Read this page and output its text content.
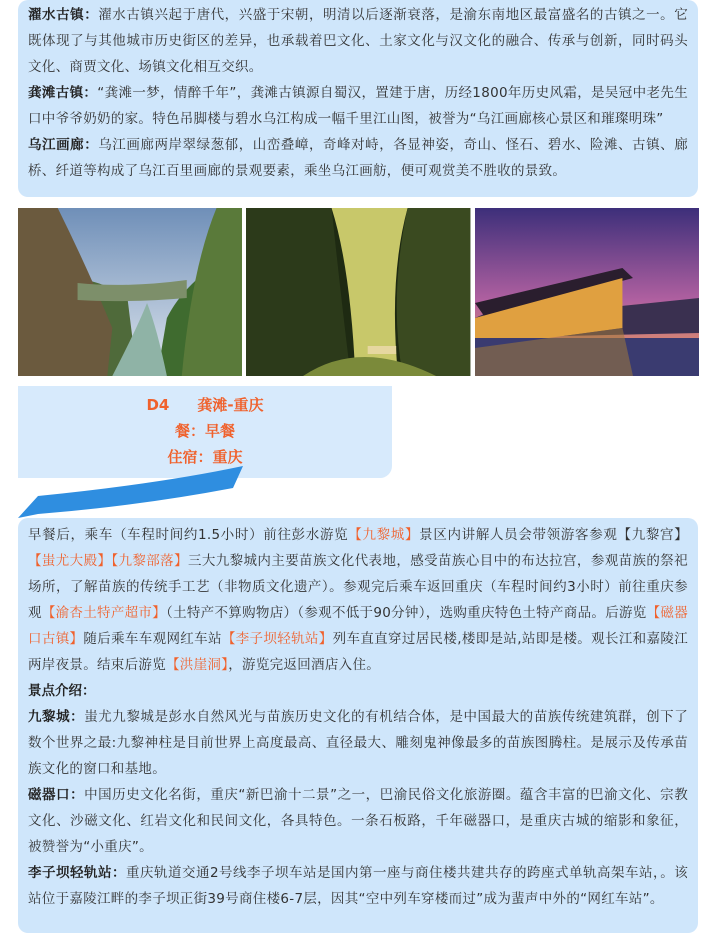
濯水古镇：濯水古镇兴起于唐代，兴盛于宋朝，明清以后逐渐衰落，是渝东南地区最富盛名的古镇之一。它既体现了与其他城市历史街区的差异，也承载着巴文化、土家文化与汉文化的融合、传承与创新，同时码头文化、商贾文化、场镇文化相互交织。

龚滩古镇：“龚滩一梦，情醉千年”，龚滩古镇源自蜀汉，置建于唐，历经1800年历史风霜，是吴冠中老先生口中爷爷奶奶的家。特色吊脚楼与碧水乌江构成一幅千里江山图，被誉为“乌江画廊核心景区和璀璨明珠”

乌江画廊：乌江画廊两岸翠绿葱郁，山峦叠嶂，奇峰对峙，各显神姿，奇山、怪石、碧水、险滩、古镇、廊桥、纤道等构成了乌江百里画廊的景观要素，乘坐乌江画舫，便可观赏美不胜收的景致。

D4 龚滩-重庆
餐：早餐
住宿：重庆

早餐后，乘车（车程时间约1.5小时）前往彭水游览【九黎城】景区内讲解人员会带领游客参观【九黎宫】【蚩尤大殿】【九黎部落】三大九黎城内主要苗族文化代表地，感受苗族心目中的布达拉宫，参观苗族的祭祀场所，了解苗族的传统手工艺（非物质文化遗产）。参观完后乘车返回重庆（车程时间约3小时）前往重庆参观【渝杏土特产超市】（土特产不算购物店）（参观不低于90分钟），选购重庆特色土特产商品。后游览【磁器口古镇】随后乘车车观网红车站【李子坝轻轨站】列车直直穿过居民楼,楼即是站,站即是楼。观长江和嘉陵江两岸夜景。结束后游览【洪崖洞】，游览完返回酒店入住。

景点介绍：

九黎城：蚩尤九黎城是彭水自然风光与苗族历史文化的有机结合体，是中国最大的苗族传统建筑群，创下了数个世界之最:九黎神柱是目前世界上高度最高、直径最大、雕刻鬼神像最多的苗族图腾柱。是展示及传承苗族文化的窗口和基地。

磁器口：中国历史文化名街，重庆“新巴渝十二景”之一，巴渝民俗文化旅游圈。蕴含丰富的巴渝文化、宗教文化、沙磁文化、红岩文化和民间文化，各具特色。一条石板路，千年磁器口，是重庆古城的缩影和象征，被赞誉为“小重庆”。

李子坝轻轨站：重庆轨道交通2号线李子坝车站是国内第一座与商住楼共建共存的跨座式单轨高架车站，。该站位于嘉陵江畔的李子坝正街39号商住楼6-7层，因其“空中列车穿楼而过”成为蜚声中外的“网红车站”。
